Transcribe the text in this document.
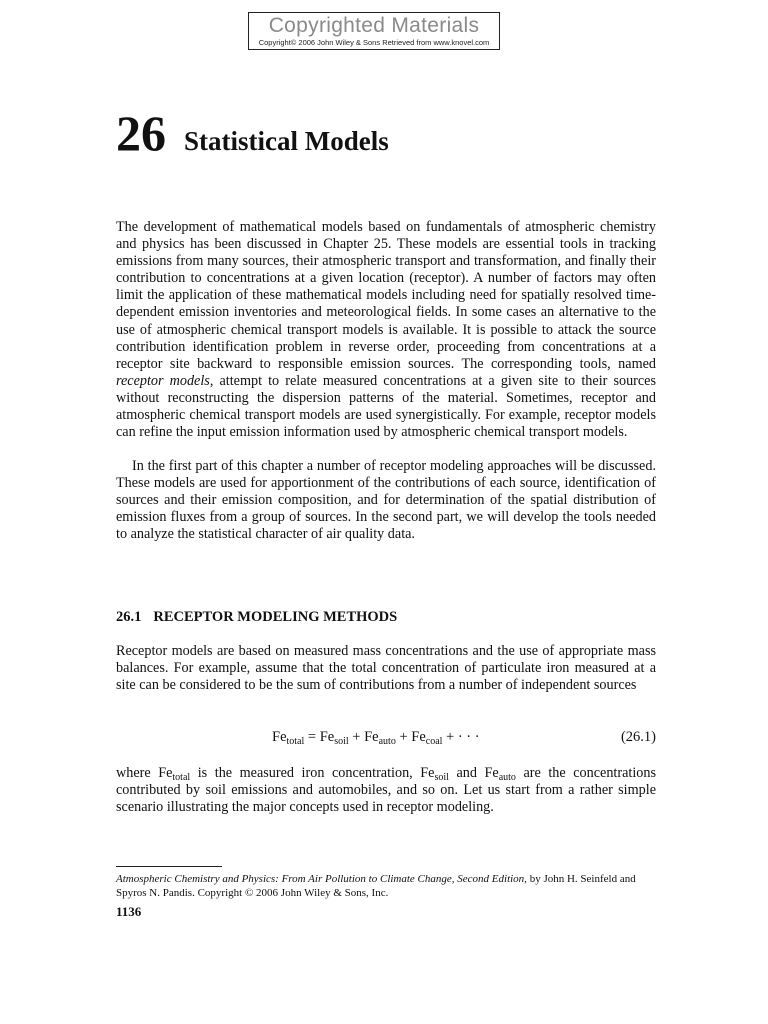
Copyrighted Materials
Copyright© 2006 John Wiley & Sons Retrieved from www.knovel.com
26 Statistical Models

The development of mathematical models based on fundamentals of atmospheric chemistry and physics has been discussed in Chapter 25. These models are essential tools in tracking emissions from many sources, their atmospheric transport and transformation, and finally their contribution to concentrations at a given location (receptor). A number of factors may often limit the application of these mathematical models including need for spatially resolved time-dependent emission inventories and meteorological fields. In some cases an alternative to the use of atmospheric chemical transport models is available. It is possible to attack the source contribution identification problem in reverse order, proceeding from concentrations at a receptor site backward to responsible emission sources. The corresponding tools, named receptor models, attempt to relate measured concentrations at a given site to their sources without reconstructing the dispersion patterns of the material. Sometimes, receptor and atmospheric chemical transport models are used synergistically. For example, receptor models can refine the input emission information used by atmospheric chemical transport models.

In the first part of this chapter a number of receptor modeling approaches will be discussed. These models are used for apportionment of the contributions of each source, identification of sources and their emission composition, and for determination of the spatial distribution of emission fluxes from a group of sources. In the second part, we will develop the tools needed to analyze the statistical character of air quality data.

26.1 RECEPTOR MODELING METHODS

Receptor models are based on measured mass concentrations and the use of appropriate mass balances. For example, assume that the total concentration of particulate iron measured at a site can be considered to be the sum of contributions from a number of independent sources

$Fe_{total} = Fe_{soil} + Fe_{auto} + Fe_{coal}$ + · · ·	(26.1)

where $Fe_{total}$ is the measured iron concentration, $Fe_{soil}$ and $Fe_{auto}$ are the concentrations contributed by soil emissions and automobiles, and so on. Let us start from a rather simple scenario illustrating the major concepts used in receptor modeling.

Atmospheric Chemistry and Physics: From Air Pollution to Climate Change, Second Edition, by John H. Seinfeld and Spyros N. Pandis. Copyright © 2006 John Wiley & Sons, Inc.

1136
